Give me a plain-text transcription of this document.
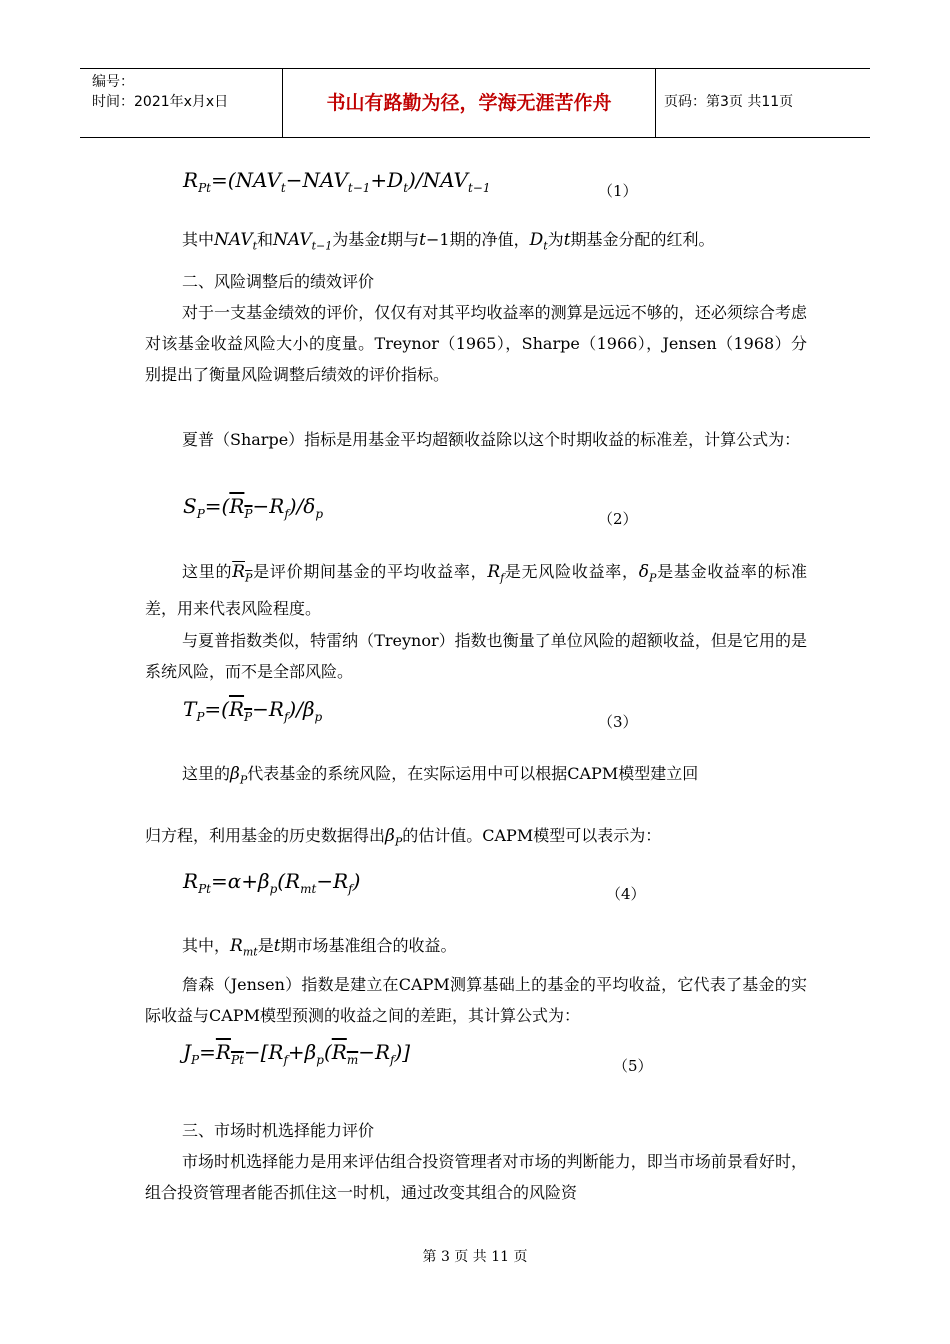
编号：
时间：2021年x月x日	书山有路勤为径，学海无涯苦作舟	页码：第3页 共11页
$R_{Pt}=(NAV_t-NAV_{t-1}+D_t)/NAV_{t-1}$	（1）
其中$NAV_t$和$NAV_{t-1}$为基金t期与t−1期的净值，$D_t$为t期基金分配的红利。
二、风险调整后的绩效评价
对于一支基金绩效的评价，仅仅有对其平均收益率的测算是远远不够的，还必须综合考虑对该基金收益风险大小的度量。Treynor（1965），Sharpe（1966），Jensen（1968）分别提出了衡量风险调整后绩效的评价指标。
夏普（Sharpe）指标是用基金平均超额收益除以这个时期收益的标准差，计算公式为：
$S_P=(R_P-R_f)/\delta_p$	（2）
这里的$R_P$是评价期间基金的平均收益率，$R_f$是无风险收益率，$\delta_P$是基金收益率的标准差，用来代表风险程度。
与夏普指数类似，特雷纳（Treynor）指数也衡量了单位风险的超额收益，但是它用的是系统风险，而不是全部风险。
$T_P=(R_P-R_f)/\beta_p$	（3）
这里的$\beta_P$代表基金的系统风险，在实际运用中可以根据CAPM模型建立回
归方程，利用基金的历史数据得出$\beta_P$的估计值。CAPM模型可以表示为：
$R_{Pt}=\alpha+\beta_p(R_{mt}-R_f)$
（4）
其中，$R_{mt}$是t期市场基准组合的收益。
詹森（Jensen）指数是建立在CAPM测算基础上的基金的平均收益，它代表了基金的实际收益与CAPM模型预测的收益之间的差距，其计算公式为：
$J_P=R_{Pt}-[R_f+\beta_p(R_m-R_f)]$
（5）
三、市场时机选择能力评价
市场时机选择能力是用来评估组合投资管理者对市场的判断能力，即当市场前景看好时，组合投资管理者能否抓住这一时机，通过改变其组合的风险资
第 3 页 共 11 页
